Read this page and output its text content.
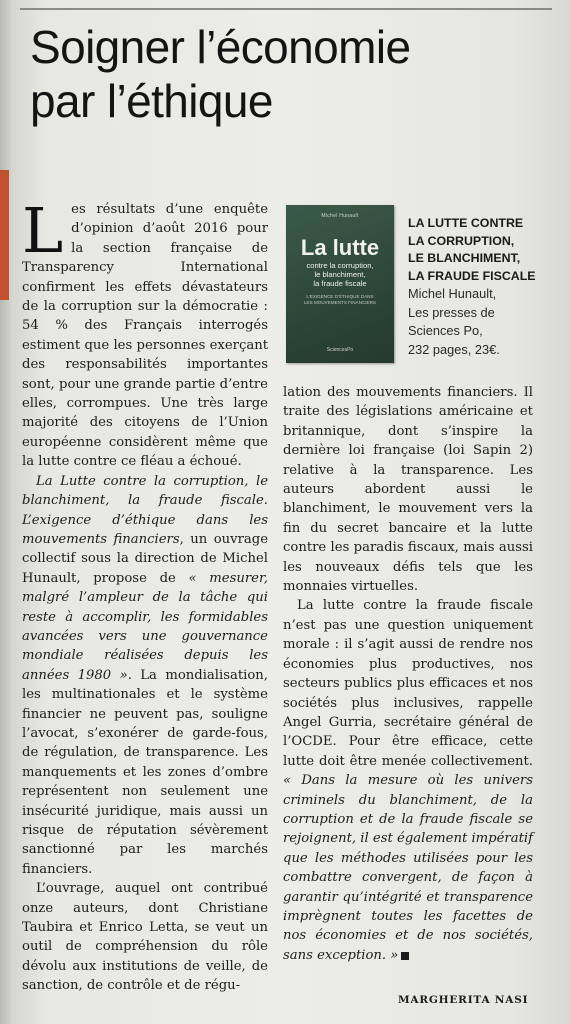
Soigner l’économie
par l’éthique

Les résultats d’une enquête d’opinion d’août 2016 pour la section française de Transparency International confirment les effets dévastateurs de la corruption sur la démocratie : 54 % des Français interrogés estiment que les personnes exerçant des responsabilités importantes sont, pour une grande partie d’entre elles, corrompues. Une très large majorité des citoyens de l’Union européenne considèrent même que la lutte contre ce fléau a échoué.

La Lutte contre la corruption, le blanchiment, la fraude fiscale. L’exigence d’éthique dans les mouvements financiers, un ouvrage collectif sous la direction de Michel Hunault, propose de « mesurer, malgré l’ampleur de la tâche qui reste à accomplir, les formidables avancées vers une gouvernance mondiale réalisées depuis les années 1980 ». La mondialisation, les multinationales et le système financier ne peuvent pas, souligne l’avocat, s’exonérer de garde-fous, de régulation, de transparence. Les manquements et les zones d’ombre représentent non seulement une insécurité juridique, mais aussi un risque de réputation sévèrement sanctionné par les marchés financiers.

L’ouvrage, auquel ont contribué onze auteurs, dont Christiane Taubira et Enrico Letta, se veut un outil de compréhension du rôle dévolu aux institutions de veille, de sanction, de contrôle et de régu-

Michel Hunault
La lutte
contre la corruption,
le blanchiment,
la fraude fiscale
L’EXIGENCE D’ÉTHIQUE DANS LES MOUVEMENTS FINANCIERS
SciencesPo
LA LUTTE CONTRE
LA CORRUPTION,
LE BLANCHIMENT,
LA FRAUDE FISCALE
Michel Hunault,
Les presses de
Sciences Po,
232 pages, 23€.

lation des mouvements financiers. Il traite des législations américaine et britannique, dont s’inspire la dernière loi française (loi Sapin 2) relative à la transparence. Les auteurs abordent aussi le blanchiment, le mouvement vers la fin du secret bancaire et la lutte contre les paradis fiscaux, mais aussi les nouveaux défis tels que les monnaies virtuelles.

La lutte contre la fraude fiscale n’est pas une question uniquement morale : il s’agit aussi de rendre nos économies plus productives, nos secteurs publics plus efficaces et nos sociétés plus inclusives, rappelle Angel Gurria, secrétaire général de l’OCDE. Pour être efficace, cette lutte doit être menée collectivement. « Dans la mesure où les univers criminels du blanchiment, de la corruption et de la fraude fiscale se rejoignent, il est également impératif que les méthodes utilisées pour les combattre convergent, de façon à garantir qu’intégrité et transparence imprègnent toutes les facettes de nos économies et de nos sociétés, sans exception. »

MARGHERITA NASI
